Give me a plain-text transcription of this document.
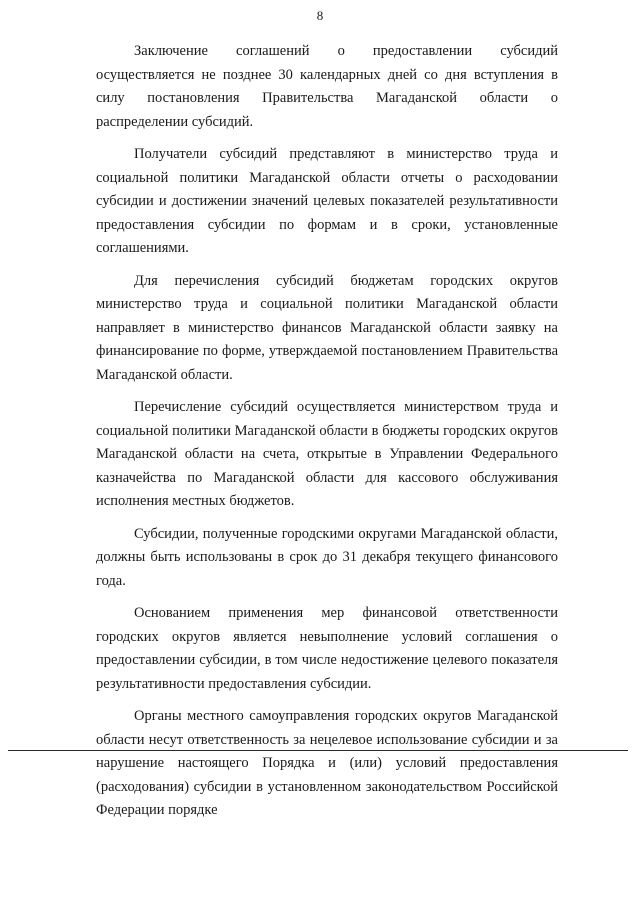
8

Заключение соглашений о предоставлении субсидий осуществляется не позднее 30 календарных дней со дня вступления в силу постановления Правительства Магаданской области о распределении субсидий.

Получатели субсидий представляют в министерство труда и социальной политики Магаданской области отчеты о расходовании субсидии и достижении значений целевых показателей результативности предоставления субсидии по формам и в сроки, установленные соглашениями.

Для перечисления субсидий бюджетам городских округов министерство труда и социальной политики Магаданской области направляет в министерство финансов Магаданской области заявку на финансирование по форме, утверждаемой постановлением Правительства Магаданской области.

Перечисление субсидий осуществляется министерством труда и социальной политики Магаданской области в бюджеты городских округов Магаданской области на счета, открытые в Управлении Федерального казначейства по Магаданской области для кассового обслуживания исполнения местных бюджетов.

Субсидии, полученные городскими округами Магаданской области, должны быть использованы в срок до 31 декабря текущего финансового года.

Основанием применения мер финансовой ответственности городских округов является невыполнение условий соглашения о предоставлении субсидии, в том числе недостижение целевого показателя результативности предоставления субсидии.

Органы местного самоуправления городских округов Магаданской области несут ответственность за нецелевое использование субсидии и за нарушение настоящего Порядка и (или) условий предоставления (расходования) субсидии в установленном законодательством Российской Федерации порядке
